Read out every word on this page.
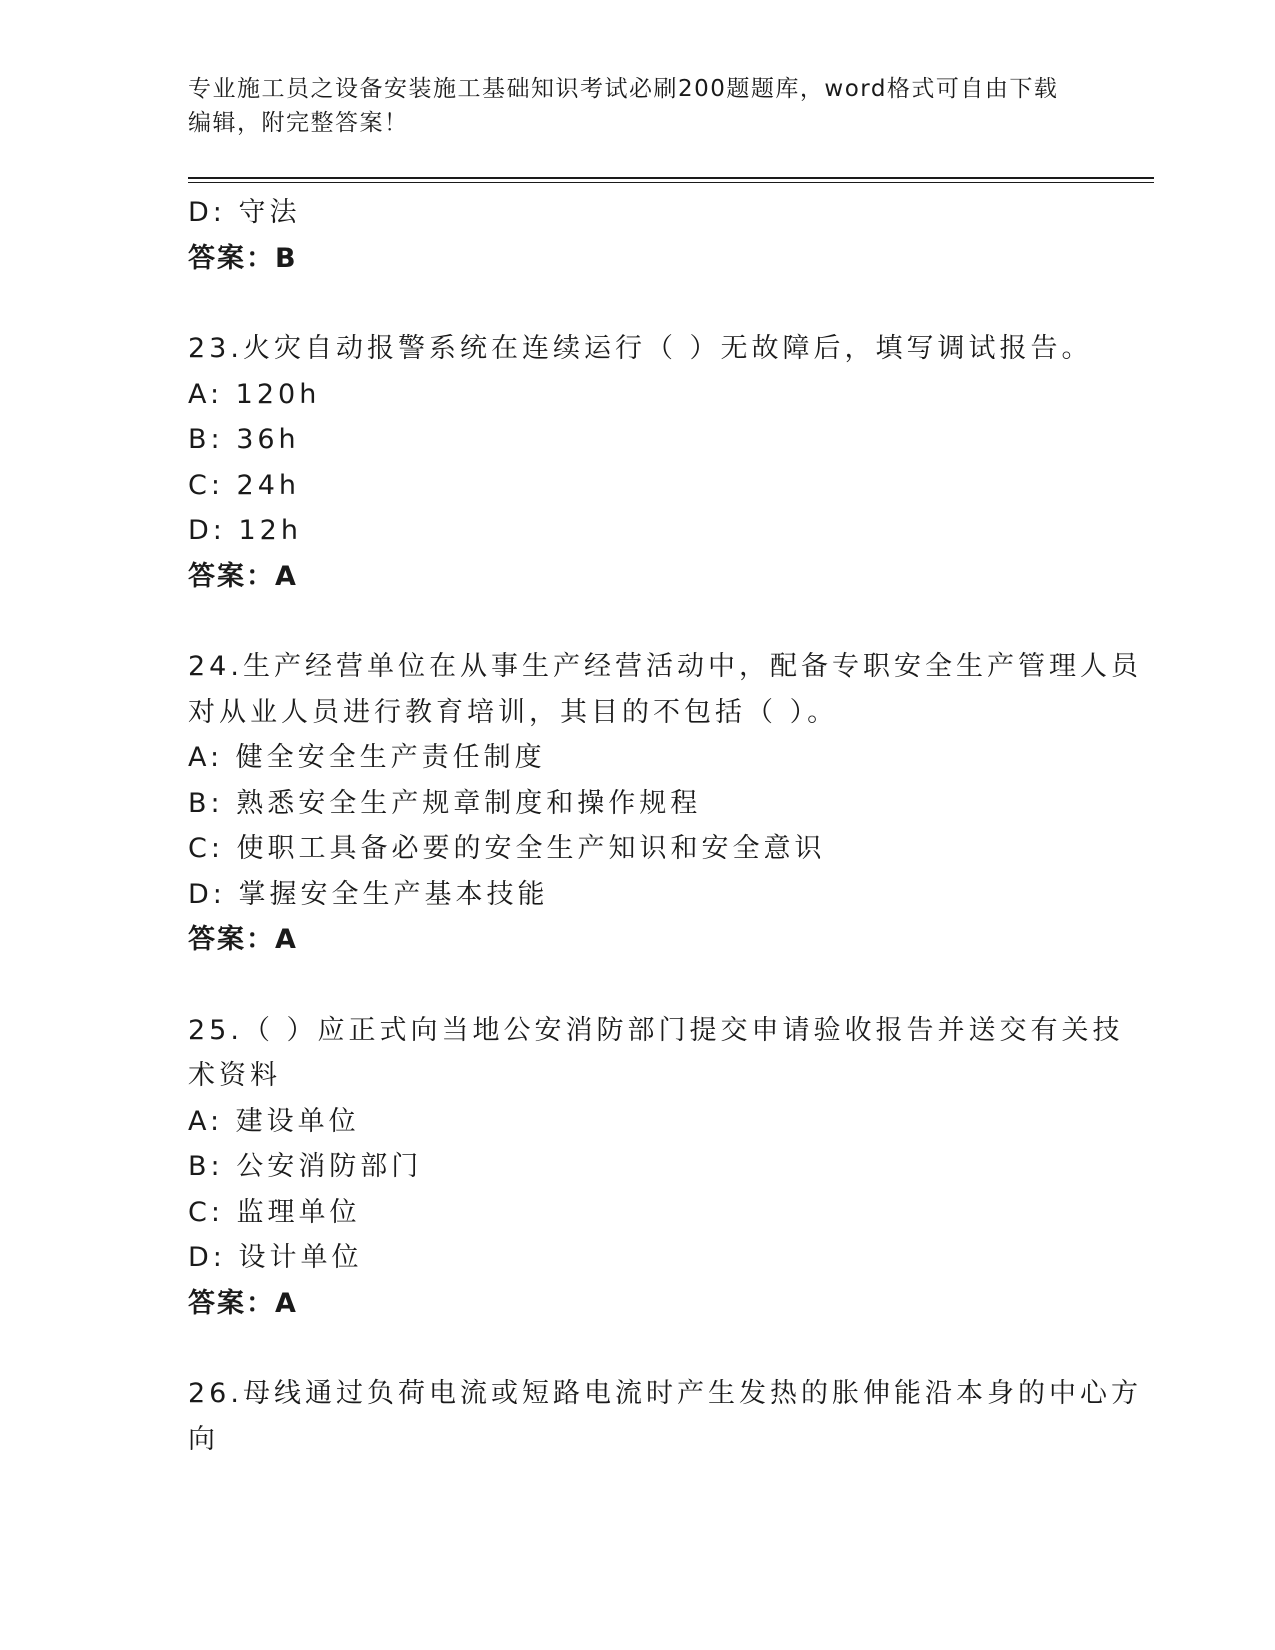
专业施工员之设备安装施工基础知识考试必刷200题题库，word格式可自由下载
编辑，附完整答案！
D: 守法
答案：B
23.火灾自动报警系统在连续运行（ ）无故障后，填写调试报告。
A: 120h
B: 36h
C: 24h
D: 12h
答案：A
24.生产经营单位在从事生产经营活动中，配备专职安全生产管理人员
对从业人员进行教育培训，其目的不包括（ ）。
A: 健全安全生产责任制度
B: 熟悉安全生产规章制度和操作规程
C: 使职工具备必要的安全生产知识和安全意识
D: 掌握安全生产基本技能
答案：A
25.（ ）应正式向当地公安消防部门提交申请验收报告并送交有关技
术资料
A: 建设单位
B: 公安消防部门
C: 监理单位
D: 设计单位
答案：A
26.母线通过负荷电流或短路电流时产生发热的胀伸能沿本身的中心方
向
